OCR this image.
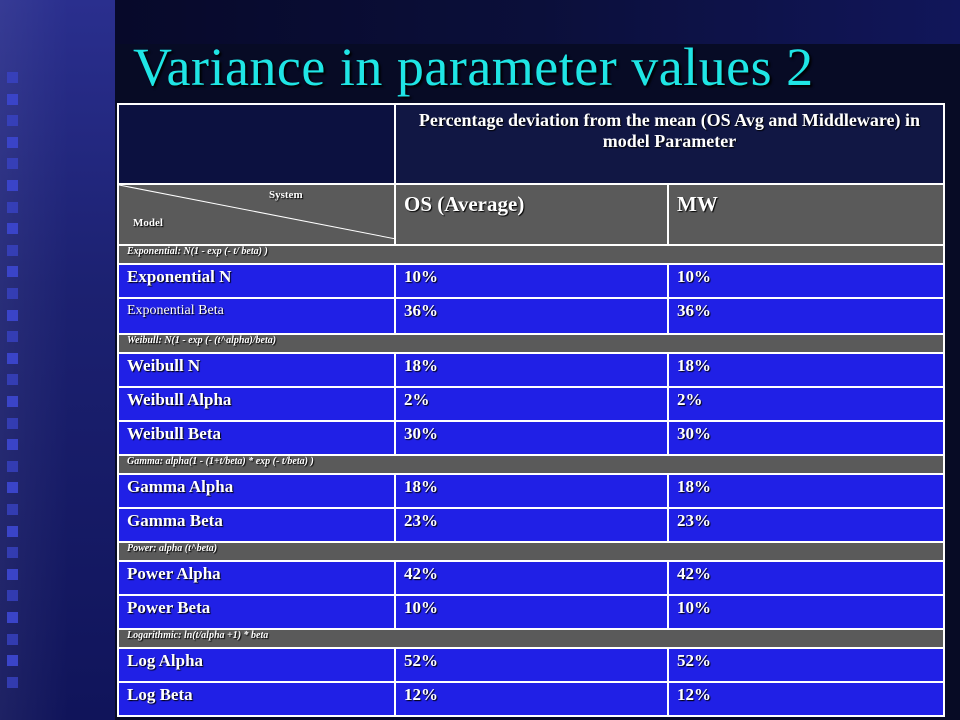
Variance in parameter values 2
	Percentage deviation from the mean (OS Avg and Middleware) in model Parameter	

System
Model	OS (Average)	MW
Exponential: N(1 - exp (- t/ beta) )		
Exponential N	10%	10%
Exponential Beta	36%	36%
Weibull: N(1 - exp (- (t^alpha)/beta)		
Weibull N	18%	18%
Weibull Alpha	2%	2%
Weibull Beta	30%	30%
Gamma: alpha(1 - (1+t/beta) * exp (- t/beta) )		
Gamma Alpha	18%	18%
Gamma Beta	23%	23%
Power: alpha (t^beta)		
Power Alpha	42%	42%
Power Beta	10%	10%
Logarithmic: ln(t/alpha +1) * beta		
Log Alpha	52%	52%
Log Beta	12%	12%
